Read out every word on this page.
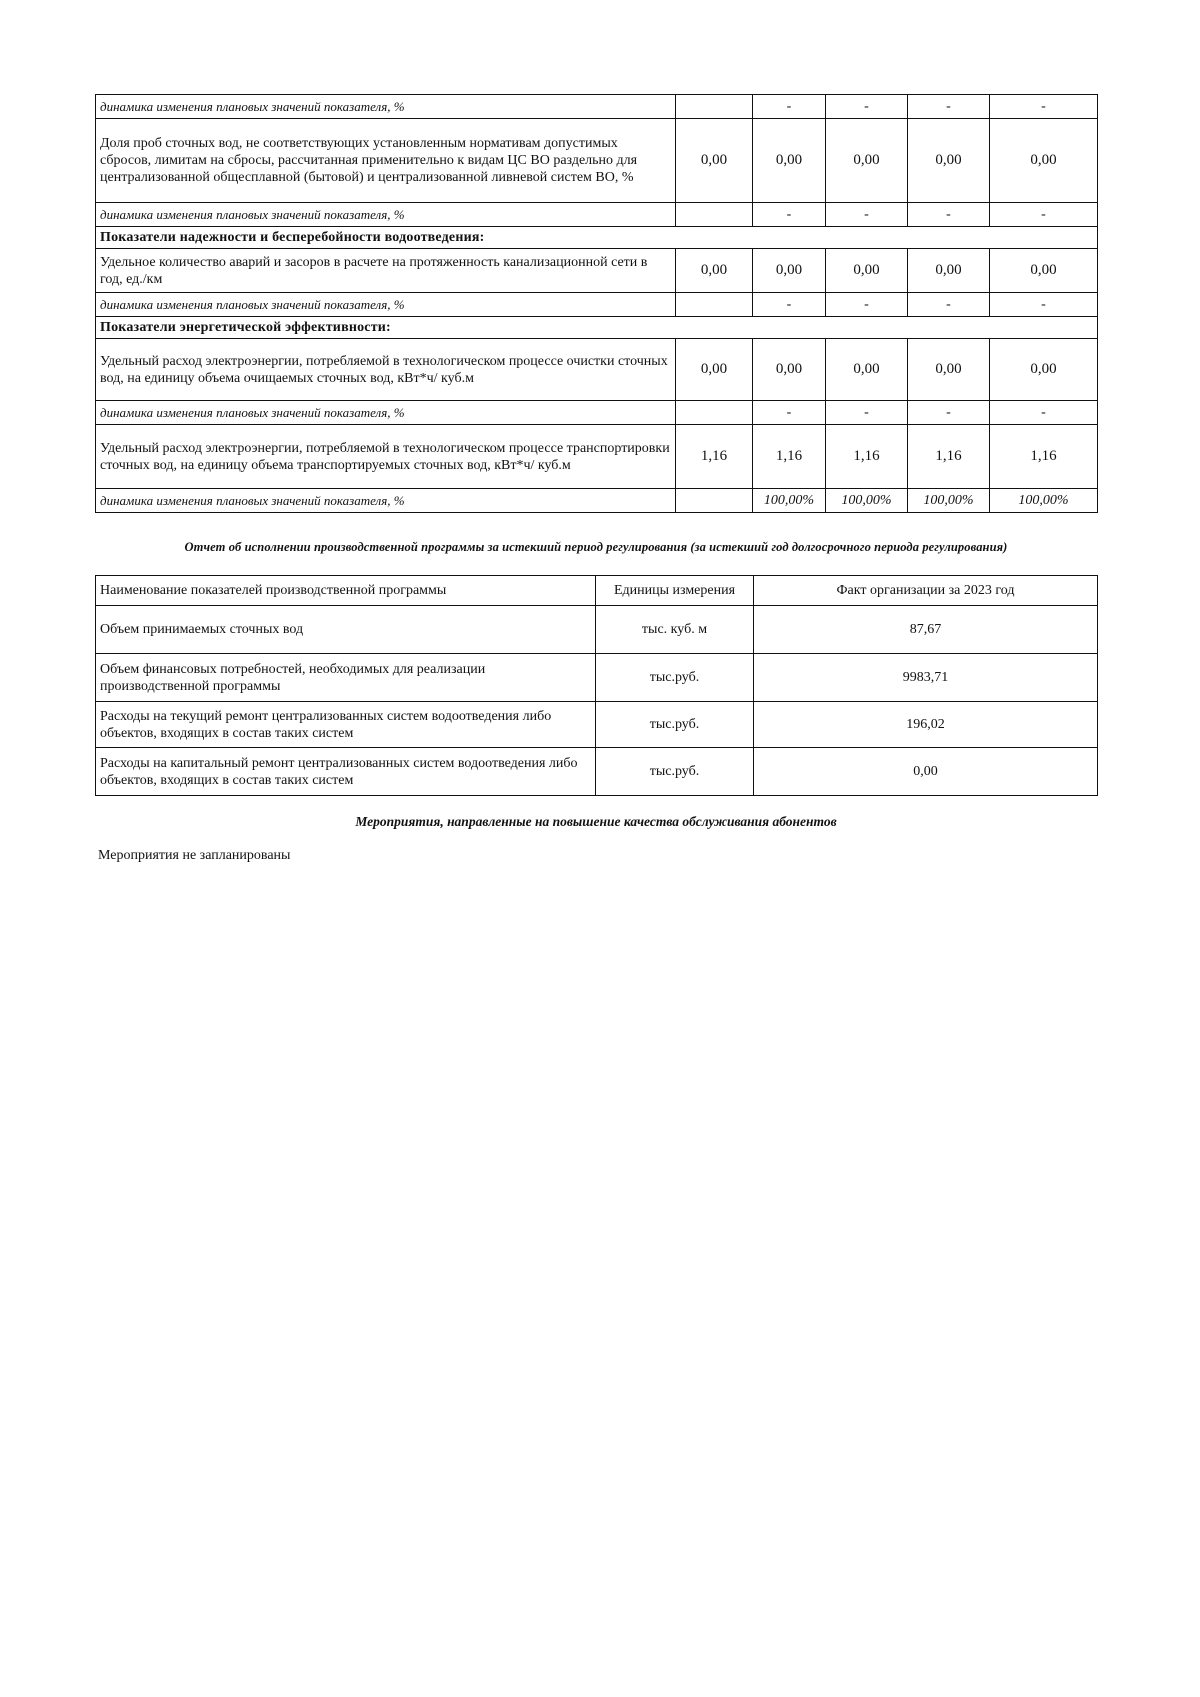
динамика изменения плановых значений показателя, %		-	-	-	-
Доля проб сточных вод, не соответствующих установленным нормативам допустимых сбросов, лимитам на сбросы, рассчитанная применительно к видам ЦС ВО раздельно для централизованной общесплавной (бытовой) и централизованной ливневой систем ВО, %	0,00	0,00	0,00	0,00	0,00
динамика изменения плановых значений показателя, %		-	-	-	-
Показатели надежности и бесперебойности водоотведения:					
Удельное количество аварий и засоров в расчете на протяженность канализационной сети в год, ед./км	0,00	0,00	0,00	0,00	0,00
динамика изменения плановых значений показателя, %		-	-	-	-
Показатели энергетической эффективности:					
Удельный расход электроэнергии, потребляемой в технологическом процессе очистки сточных вод, на единицу объема очищаемых сточных вод, кВт*ч/ куб.м	0,00	0,00	0,00	0,00	0,00
динамика изменения плановых значений показателя, %		-	-	-	-
Удельный расход электроэнергии, потребляемой в технологическом процессе транспортировки сточных вод, на единицу объема транспортируемых сточных вод, кВт*ч/ куб.м	1,16	1,16	1,16	1,16	1,16
динамика изменения плановых значений показателя, %		100,00%	100,00%	100,00%	100,00%
Отчет об исполнении производственной программы за истекший период регулирования (за истекший год долгосрочного периода регулирования)
Наименование показателей производственной программы	Единицы измерения	Факт организации за 2023 год
Объем принимаемых сточных вод	тыс. куб. м	87,67
Объем финансовых потребностей, необходимых для реализации производственной программы	тыс.руб.	9983,71
Расходы на текущий ремонт централизованных систем водоотведения либо объектов, входящих в состав таких систем	тыс.руб.	196,02
Расходы на капитальный ремонт централизованных систем водоотведения либо объектов, входящих в состав таких систем	тыс.руб.	0,00
Мероприятия, направленные на повышение качества обслуживания абонентов
Мероприятия не запланированы
